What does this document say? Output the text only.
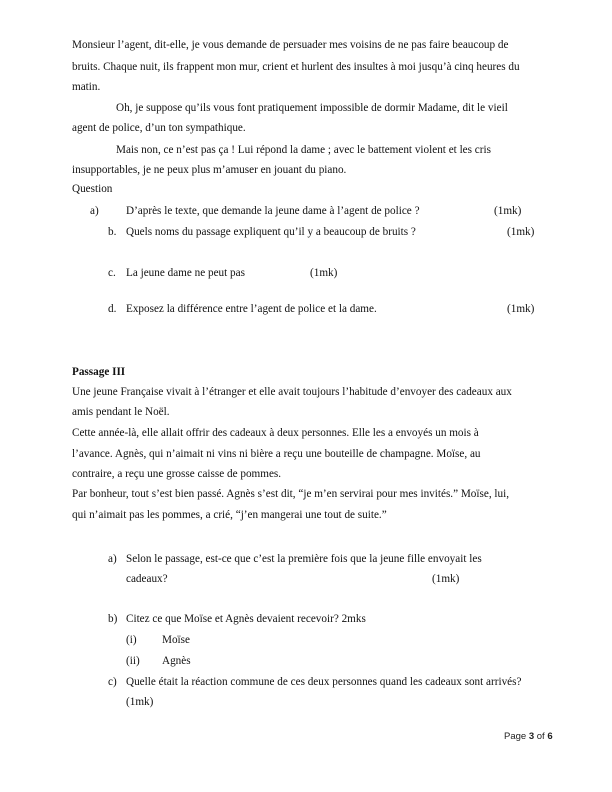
Monsieur l’agent, dit-elle, je vous demande de persuader mes voisins de ne pas faire beaucoup de
bruits. Chaque nuit, ils frappent mon mur, crient et hurlent des insultes à moi jusqu’à cinq heures du
matin.
Oh, je suppose qu’ils vous font pratiquement impossible de dormir Madame, dit le vieil
agent de police, d’un ton sympathique.
Mais non, ce n’est pas ça ! Lui répond la dame ; avec le battement violent et les cris
insupportables, je ne peux plus m’amuser en jouant du piano.
Question
a) D’après le texte, que demande la jeune dame à l’agent de police ?	(1mk)
b. Quels noms du passage expliquent qu’il y a beaucoup de bruits ?	(1mk)
c. La jeune dame ne peut pas	(1mk)
d. Exposez la différence entre l’agent de police et la dame.	(1mk)
Passage III
Une jeune Française vivait à l’étranger et elle avait toujours l’habitude d’envoyer des cadeaux aux
amis pendant le Noël.
Cette année-là, elle allait offrir des cadeaux à deux personnes. Elle les a envoyés un mois à
l’avance. Agnès, qui n’aimait ni vins ni bière a reçu une bouteille de champagne. Moïse, au
contraire, a reçu une grosse caisse de pommes.
Par bonheur, tout s’est bien passé. Agnès s’est dit, “je m’en servirai pour mes invités.” Moïse, lui,
qui n’aimait pas les pommes, a crié, “j’en mangerai une tout de suite.”
a) Selon le passage, est-ce que c’est la première fois que la jeune fille envoyait les
cadeaux?	(1mk)
b) Citez ce que Moïse et Agnès devaient recevoir? 2mks
(i) Moïse
(ii) Agnès
c) Quelle était la réaction commune de ces deux personnes quand les cadeaux sont arrivés?
(1mk)
Page 3 of 6
